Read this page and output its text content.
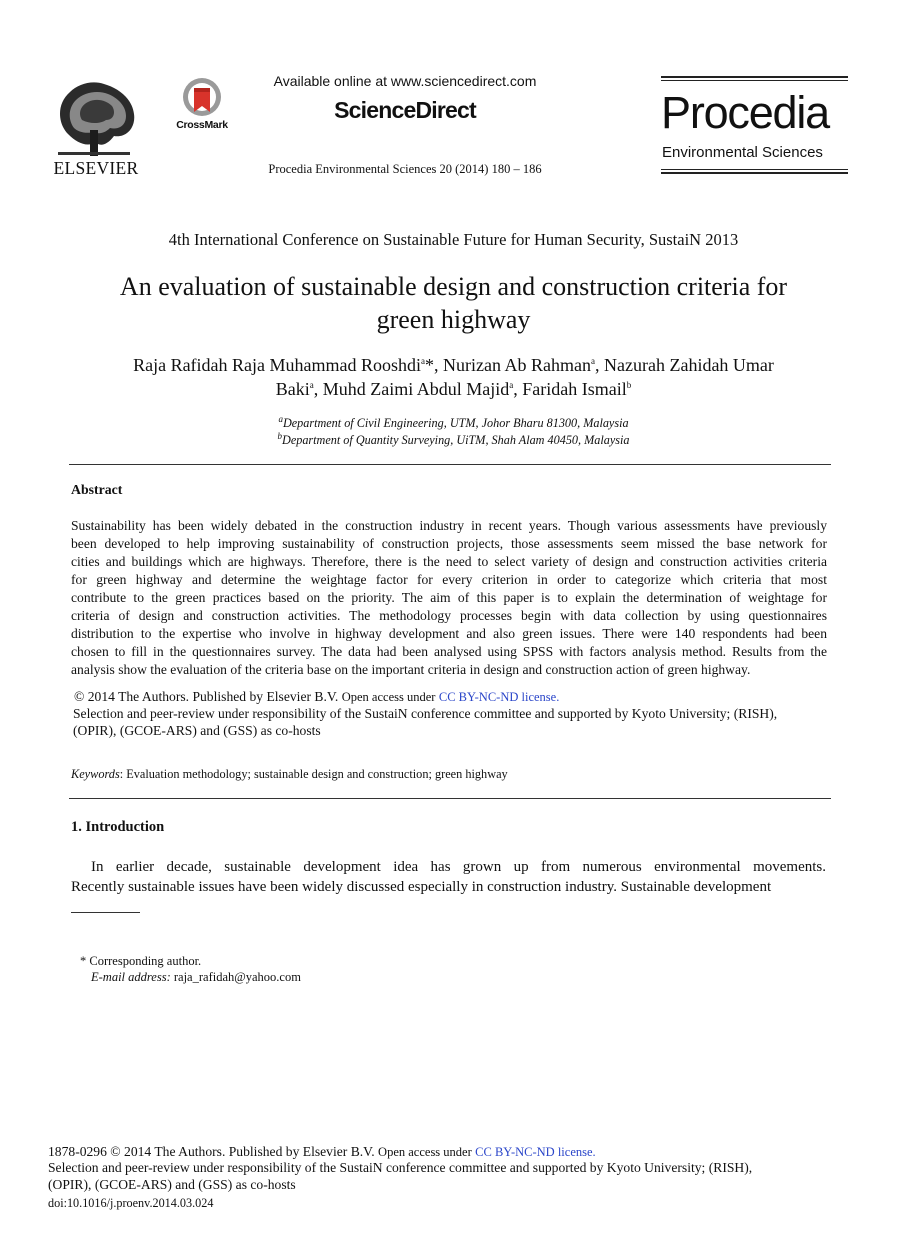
ELSEVIER
CrossMark
Available online at www.sciencedirect.com
ScienceDirect
Procedia Environmental Sciences 20 (2014) 180 – 186
Procedia
Environmental Sciences
4th International Conference on Sustainable Future for Human Security, SustaiN 2013
An evaluation of sustainable design and construction criteria for
green highway
Raja Rafidah Raja Muhammad Rooshdi$^a$*, Nurizan Ab Rahman$^a$, Nazurah Zahidah Umar
Baki$^a$, Muhd Zaimi Abdul Majid$^a$, Faridah Ismail$^b$
$^a$Department of Civil Engineering, UTM, Johor Bharu 81300, Malaysia
$^b$Department of Quantity Surveying, UiTM, Shah Alam 40450, Malaysia
Abstract
Sustainability has been widely debated in the construction industry in recent years. Though various assessments have previously
been developed to help improving sustainability of construction projects, those assessments seem missed the base network for
cities and buildings which are highways. Therefore, there is the need to select variety of design and construction activities criteria
for green highway and determine the weightage factor for every criterion in order to categorize which criteria that most
contribute to the green practices based on the priority. The aim of this paper is to explain the determination of weightage for
criteria of design and construction activities. The methodology processes begin with data collection by using questionnaires
distribution to the expertise who involve in highway development and also green issues. There were 140 respondents had been
chosen to fill in the questionnaires survey. The data had been analysed using SPSS with factors analysis method. Results from the
analysis show the evaluation of the criteria base on the important criteria in design and construction action of green highway.
© 2014 The Authors. Published by Elsevier B.V. Open access under CC BY-NC-ND license.
Selection and peer-review under responsibility of the SustaiN conference committee and supported by Kyoto University; (RISH),
(OPIR), (GCOE-ARS) and (GSS) as co-hosts
Keywords: Evaluation methodology; sustainable design and construction; green highway
1. Introduction
In earlier decade, sustainable development idea has grown up from numerous environmental movements.
Recently sustainable issues have been widely discussed especially in construction industry. Sustainable development
* Corresponding author.
E-mail address: raja_rafidah@yahoo.com
1878-0296 © 2014 The Authors. Published by Elsevier B.V. Open access under CC BY-NC-ND license.
Selection and peer-review under responsibility of the SustaiN conference committee and supported by Kyoto University; (RISH),
(OPIR), (GCOE-ARS) and (GSS) as co-hosts
doi:10.1016/j.proenv.2014.03.024
